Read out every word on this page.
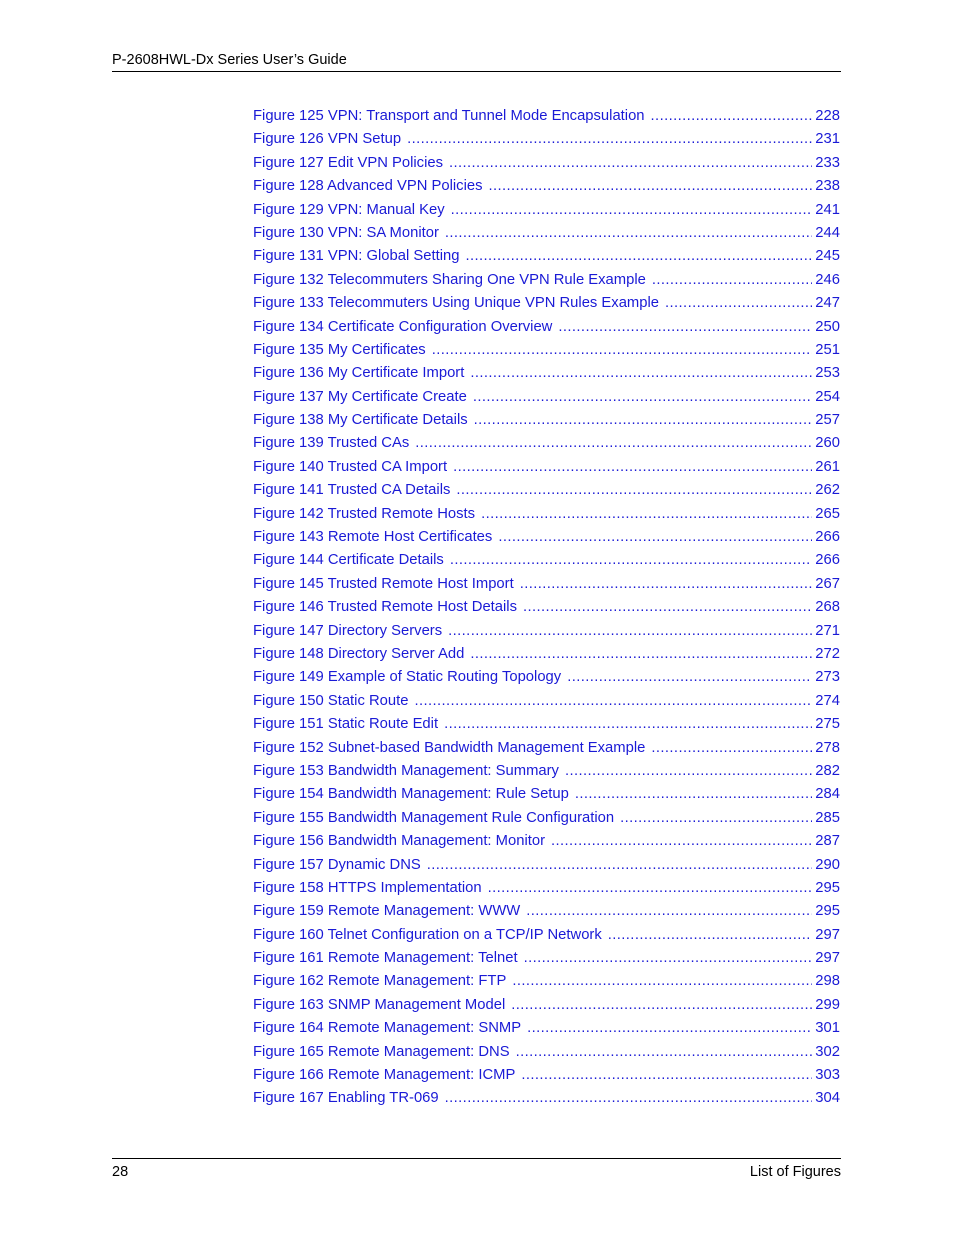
P-2608HWL-Dx Series User’s Guide
Figure 125 VPN: Transport and Tunnel Mode Encapsulation .....	228
Figure 126 VPN Setup .....	231
Figure 127 Edit VPN Policies .....	233
Figure 128 Advanced VPN Policies .....	238
Figure 129 VPN: Manual Key .....	241
Figure 130 VPN: SA Monitor .....	244
Figure 131 VPN: Global Setting .....	245
Figure 132 Telecommuters Sharing One VPN Rule Example .....	246
Figure 133 Telecommuters Using Unique VPN Rules Example .....	247
Figure 134 Certificate Configuration Overview .....	250
Figure 135 My Certificates .....	251
Figure 136 My Certificate Import .....	253
Figure 137 My Certificate Create .....	254
Figure 138 My Certificate Details .....	257
Figure 139 Trusted CAs .....	260
Figure 140 Trusted CA Import .....	261
Figure 141 Trusted CA Details .....	262
Figure 142 Trusted Remote Hosts .....	265
Figure 143 Remote Host Certificates .....	266
Figure 144 Certificate Details .....	266
Figure 145 Trusted Remote Host Import .....	267
Figure 146 Trusted Remote Host Details .....	268
Figure 147 Directory Servers .....	271
Figure 148 Directory Server Add .....	272
Figure 149 Example of Static Routing Topology .....	273
Figure 150 Static Route .....	274
Figure 151 Static Route Edit .....	275
Figure 152 Subnet-based Bandwidth Management Example .....	278
Figure 153 Bandwidth Management: Summary .....	282
Figure 154 Bandwidth Management: Rule Setup .....	284
Figure 155 Bandwidth Management Rule Configuration .....	285
Figure 156 Bandwidth Management: Monitor .....	287
Figure 157 Dynamic DNS .....	290
Figure 158 HTTPS Implementation .....	295
Figure 159 Remote Management: WWW .....	295
Figure 160 Telnet Configuration on a TCP/IP Network .....	297
Figure 161 Remote Management: Telnet .....	297
Figure 162 Remote Management: FTP .....	298
Figure 163 SNMP Management Model .....	299
Figure 164 Remote Management: SNMP .....	301
Figure 165 Remote Management: DNS .....	302
Figure 166 Remote Management: ICMP .....	303
Figure 167 Enabling TR-069 .....	304
28	List of Figures
